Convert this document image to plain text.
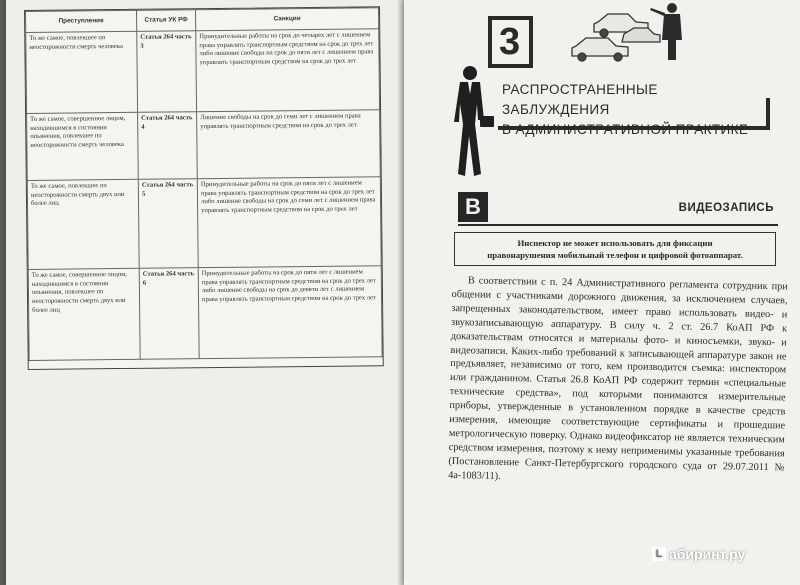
Преступление	Статья УК РФ	Санкции
То же самое, повлекшее по неосторожности смерть человека	Статья 264 часть 3	Принудительные работы на срок до четырех лет с лишением права управлять транспортным средством на срок до трех лет либо лишение свободы на срок до пяти лет с лишением права управлять транспортным средством на срок до трех лет
То же самое, совершенное лицом, находившимся в состоянии опьянения, повлекшее по неосторожности смерть человека	Статья 264 часть 4	Лишение свободы на срок до семи лет с лишением права управлять транспортным средством на срок до трех лет
То же самое, повлекшее по неосторожности смерть двух или более лиц	Статья 264 часть 5	Принудительные работы на срок до пяти лет с лишением права управлять транспортным средством на срок до трех лет либо лишение свободы на срок до семи лет с лишением права управлять транспортным средством на срок до трех лет
То же самое, совершенное лицом, находившимся в состоянии опьянения, повлекшее по неосторожности смерть двух или более лиц	Статья 264 часть 6	Принудительные работы на срок до пяти лет с лишением права управлять транспортным средством на срок до трех лет либо лишение свободы на срок до девяти лет с лишением права управлять транспортным средством на срок до трех лет
3
РАСПРОСТРАНЕННЫЕ ЗАБЛУЖДЕНИЯ
B	ВИДЕОЗАПИСЬ
Инспектор не может использовать для фиксации
правонарушения мобильный телефон и цифровой фотоаппарат.
В соответствии с п. 24 Административного регламента сотрудник при общении с участниками дорожного движения, за исключением случаев, запрещенных законодательством, имеет право использовать видео- и звукозаписывающую аппаратуру. В силу ч. 2 ст. 26.7 КоАП РФ к доказательствам относятся и материалы фото- и киносъемки, звуко- и видеозаписи. Каких-либо требований к записывающей аппаратуре закон не предъявляет, независимо от того, кем производится съемка: инспектором или гражданином. Статья 26.8 КоАП РФ содержит термин «специальные технические средства», под которыми понимаются измерительные приборы, утвержденные в установленном порядке в качестве средств измерения, имеющие соответствующие сертификаты и прошедшие метрологическую поверку. Однако видеофиксатор не является техническим средством измерения, поэтому к нему неприменимы указанные требования (Постановление Санкт-Петербургского городского суда от 29.07.2011 № 4а-1083/11).
L абиринт.ру
